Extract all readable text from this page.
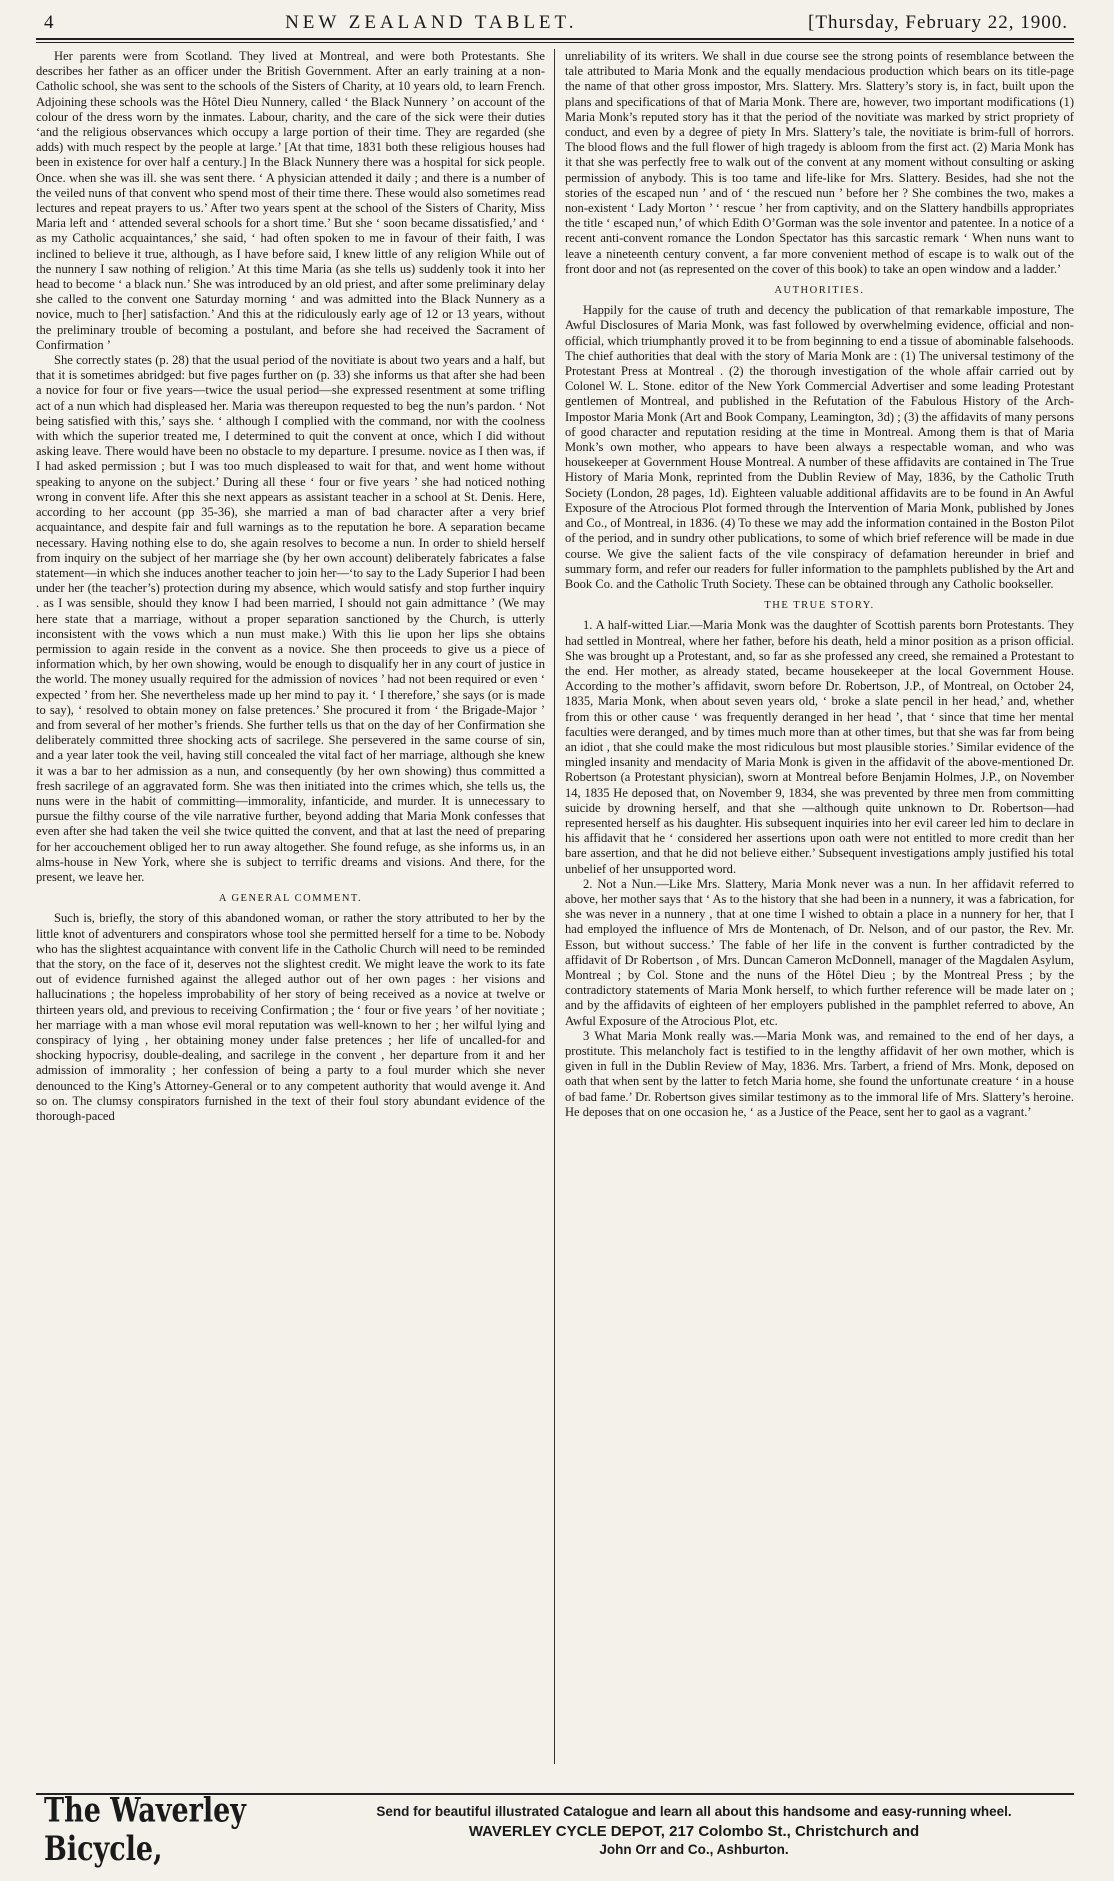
4	NEW ZEALAND TABLET.	[Thursday, February 22, 1900.

Her parents were from Scotland. They lived at Montreal, and were both Protestants. She describes her father as an officer under the British Government. After an early training at a non-Catholic school, she was sent to the schools of the Sisters of Charity, at 10 years old, to learn French. Adjoining these schools was the Hôtel Dieu Nunnery, called ‘ the Black Nunnery ’ on account of the colour of the dress worn by the inmates. Labour, charity, and the care of the sick were their duties ‘and the religious observances which occupy a large portion of their time. They are regarded (she adds) with much respect by the people at large.’ [At that time, 1831 both these religious houses had been in existence for over half a century.] In the Black Nunnery there was a hospital for sick people. Once. when she was ill. she was sent there. ‘ A physician attended it daily ; and there is a number of the veiled nuns of that convent who spend most of their time there. These would also sometimes read lectures and repeat prayers to us.’ After two years spent at the school of the Sisters of Charity, Miss Maria left and ‘ attended several schools for a short time.’ But she ‘ soon became dissatisfied,’ and ‘ as my Catholic acquaintances,’ she said, ‘ had often spoken to me in favour of their faith, I was inclined to believe it true, although, as I have before said, I knew little of any religion While out of the nunnery I saw nothing of religion.’ At this time Maria (as she tells us) suddenly took it into her head to become ‘ a black nun.’ She was introduced by an old priest, and after some preliminary delay she called to the convent one Saturday morning ‘ and was admitted into the Black Nunnery as a novice, much to [her] satisfaction.’ And this at the ridiculously early age of 12 or 13 years, without the preliminary trouble of becoming a postulant, and before she had received the Sacrament of Confirmation ’

She correctly states (p. 28) that the usual period of the novitiate is about two years and a half, but that it is sometimes abridged: but five pages further on (p. 33) she informs us that after she had been a novice for four or five years—twice the usual period—she expressed resentment at some trifling act of a nun which had displeased her. Maria was thereupon requested to beg the nun’s pardon. ‘ Not being satisfied with this,’ says she. ‘ although I complied with the command, nor with the coolness with which the superior treated me, I determined to quit the convent at once, which I did without asking leave. There would have been no obstacle to my departure. I presume. novice as I then was, if I had asked permission ; but I was too much displeased to wait for that, and went home without speaking to anyone on the subject.’ During all these ‘ four or five years ’ she had noticed nothing wrong in convent life. After this she next appears as assistant teacher in a school at St. Denis. Here, according to her account (pp 35-36), she married a man of bad character after a very brief acquaintance, and despite fair and full warnings as to the reputation he bore. A separation became necessary. Having nothing else to do, she again resolves to become a nun. In order to shield herself from inquiry on the subject of her marriage she (by her own account) deliberately fabricates a false statement—in which she induces another teacher to join her—‘to say to the Lady Superior I had been under her (the teacher’s) protection during my absence, which would satisfy and stop further inquiry . as I was sensible, should they know I had been married, I should not gain admittance ’ (We may here state that a marriage, without a proper separation sanctioned by the Church, is utterly inconsistent with the vows which a nun must make.) With this lie upon her lips she obtains permission to again reside in the convent as a novice. She then proceeds to give us a piece of information which, by her own showing, would be enough to disqualify her in any court of justice in the world. The money usually required for the admission of novices ’ had not been required or even ‘ expected ’ from her. She nevertheless made up her mind to pay it. ‘ I therefore,’ she says (or is made to say), ‘ resolved to obtain money on false pretences.’ She procured it from ‘ the Brigade-Major ’ and from several of her mother’s friends. She further tells us that on the day of her Confirmation she deliberately committed three shocking acts of sacrilege. She persevered in the same course of sin, and a year later took the veil, having still concealed the vital fact of her marriage, although she knew it was a bar to her admission as a nun, and consequently (by her own showing) thus committed a fresh sacrilege of an aggravated form. She was then initiated into the crimes which, she tells us, the nuns were in the habit of committing—immorality, infanticide, and murder. It is unnecessary to pursue the filthy course of the vile narrative further, beyond adding that Maria Monk confesses that even after she had taken the veil she twice quitted the convent, and that at last the need of preparing for her accouchement obliged her to run away altogether. She found refuge, as she informs us, in an alms-house in New York, where she is subject to terrific dreams and visions. And there, for the present, we leave her.

A GENERAL COMMENT.

Such is, briefly, the story of this abandoned woman, or rather the story attributed to her by the little knot of adventurers and conspirators whose tool she permitted herself for a time to be. Nobody who has the slightest acquaintance with convent life in the Catholic Church will need to be reminded that the story, on the face of it, deserves not the slightest credit. We might leave the work to its fate out of evidence furnished against the alleged author out of her own pages : her visions and hallucinations ; the hopeless improbability of her story of being received as a novice at twelve or thirteen years old, and previous to receiving Confirmation ; the ‘ four or five years ’ of her novitiate ; her marriage with a man whose evil moral reputation was well-known to her ; her wilful lying and conspiracy of lying , her obtaining money under false pretences ; her life of uncalled-for and shocking hypocrisy, double-dealing, and sacrilege in the convent , her departure from it and her admission of immorality ; her confession of being a party to a foul murder which she never denounced to the King’s Attorney-General or to any competent authority that would avenge it. And so on. The clumsy conspirators furnished in the text of their foul story abundant evidence of the thorough-paced

unreliability of its writers. We shall in due course see the strong points of resemblance between the tale attributed to Maria Monk and the equally mendacious production which bears on its title-page the name of that other gross impostor, Mrs. Slattery. Mrs. Slattery’s story is, in fact, built upon the plans and specifications of that of Maria Monk. There are, however, two important modifications (1) Maria Monk’s reputed story has it that the period of the novitiate was marked by strict propriety of conduct, and even by a degree of piety In Mrs. Slattery’s tale, the novitiate is brim-full of horrors. The blood flows and the full flower of high tragedy is abloom from the first act. (2) Maria Monk has it that she was perfectly free to walk out of the convent at any moment without consulting or asking permission of anybody. This is too tame and life-like for Mrs. Slattery. Besides, had she not the stories of the escaped nun ’ and of ‘ the rescued nun ’ before her ? She combines the two, makes a non-existent ‘ Lady Morton ’ ‘ rescue ’ her from captivity, and on the Slattery handbills appropriates the title ‘ escaped nun,’ of which Edith O’Gorman was the sole inventor and patentee. In a notice of a recent anti-convent romance the London Spectator has this sarcastic remark ‘ When nuns want to leave a nineteenth century convent, a far more convenient method of escape is to walk out of the front door and not (as represented on the cover of this book) to take an open window and a ladder.’

AUTHORITIES.

Happily for the cause of truth and decency the publication of that remarkable imposture, The Awful Disclosures of Maria Monk, was fast followed by overwhelming evidence, official and non-official, which triumphantly proved it to be from beginning to end a tissue of abominable falsehoods. The chief authorities that deal with the story of Maria Monk are : (1) The universal testimony of the Protestant Press at Montreal . (2) the thorough investigation of the whole affair carried out by Colonel W. L. Stone. editor of the New York Commercial Advertiser and some leading Protestant gentlemen of Montreal, and published in the Refutation of the Fabulous History of the Arch-Impostor Maria Monk (Art and Book Company, Leamington, 3d) ; (3) the affidavits of many persons of good character and reputation residing at the time in Montreal. Among them is that of Maria Monk’s own mother, who appears to have been always a respectable woman, and who was housekeeper at Government House Montreal. A number of these affidavits are contained in The True History of Maria Monk, reprinted from the Dublin Review of May, 1836, by the Catholic Truth Society (London, 28 pages, 1d). Eighteen valuable additional affidavits are to be found in An Awful Exposure of the Atrocious Plot formed through the Intervention of Maria Monk, published by Jones and Co., of Montreal, in 1836. (4) To these we may add the information contained in the Boston Pilot of the period, and in sundry other publications, to some of which brief reference will be made in due course. We give the salient facts of the vile conspiracy of defamation hereunder in brief and summary form, and refer our readers for fuller information to the pamphlets published by the Art and Book Co. and the Catholic Truth Society. These can be obtained through any Catholic bookseller.

THE TRUE STORY.

1. A half-witted Liar.—Maria Monk was the daughter of Scottish parents born Protestants. They had settled in Montreal, where her father, before his death, held a minor position as a prison official. She was brought up a Protestant, and, so far as she professed any creed, she remained a Protestant to the end. Her mother, as already stated, became housekeeper at the local Government House. According to the mother’s affidavit, sworn before Dr. Robertson, J.P., of Montreal, on October 24, 1835, Maria Monk, when about seven years old, ‘ broke a slate pencil in her head,’ and, whether from this or other cause ‘ was frequently deranged in her head ’, that ‘ since that time her mental faculties were deranged, and by times much more than at other times, but that she was far from being an idiot , that she could make the most ridiculous but most plausible stories.’ Similar evidence of the mingled insanity and mendacity of Maria Monk is given in the affidavit of the above-mentioned Dr. Robertson (a Protestant physician), sworn at Montreal before Benjamin Holmes, J.P., on November 14, 1835 He deposed that, on November 9, 1834, she was prevented by three men from committing suicide by drowning herself, and that she —although quite unknown to Dr. Robertson—had represented herself as his daughter. His subsequent inquiries into her evil career led him to declare in his affidavit that he ‘ considered her assertions upon oath were not entitled to more credit than her bare assertion, and that he did not believe either.’ Subsequent investigations amply justified his total unbelief of her unsupported word.

2. Not a Nun.—Like Mrs. Slattery, Maria Monk never was a nun. In her affidavit referred to above, her mother says that ‘ As to the history that she had been in a nunnery, it was a fabrication, for she was never in a nunnery , that at one time I wished to obtain a place in a nunnery for her, that I had employed the influence of Mrs de Montenach, of Dr. Nelson, and of our pastor, the Rev. Mr. Esson, but without success.’ The fable of her life in the convent is further contradicted by the affidavit of Dr Robertson , of Mrs. Duncan Cameron McDonnell, manager of the Magdalen Asylum, Montreal ; by Col. Stone and the nuns of the Hôtel Dieu ; by the Montreal Press ; by the contradictory statements of Maria Monk herself, to which further reference will be made later on ; and by the affidavits of eighteen of her employers published in the pamphlet referred to above, An Awful Exposure of the Atrocious Plot, etc.

3 What Maria Monk really was.—Maria Monk was, and remained to the end of her days, a prostitute. This melancholy fact is testified to in the lengthy affidavit of her own mother, which is given in full in the Dublin Review of May, 1836. Mrs. Tarbert, a friend of Mrs. Monk, deposed on oath that when sent by the latter to fetch Maria home, she found the unfortunate creature ‘ in a house of bad fame.’ Dr. Robertson gives similar testimony as to the immoral life of Mrs. Slattery’s heroine. He deposes that on one occasion he, ‘ as a Justice of the Peace, sent her to gaol as a vagrant.’

The Waverley Bicycle,
Send for beautiful illustrated Catalogue and learn all about this handsome and easy-running wheel.
WAVERLEY CYCLE DEPOT, 217 Colombo St., Christchurch and
John Orr and Co., Ashburton.
